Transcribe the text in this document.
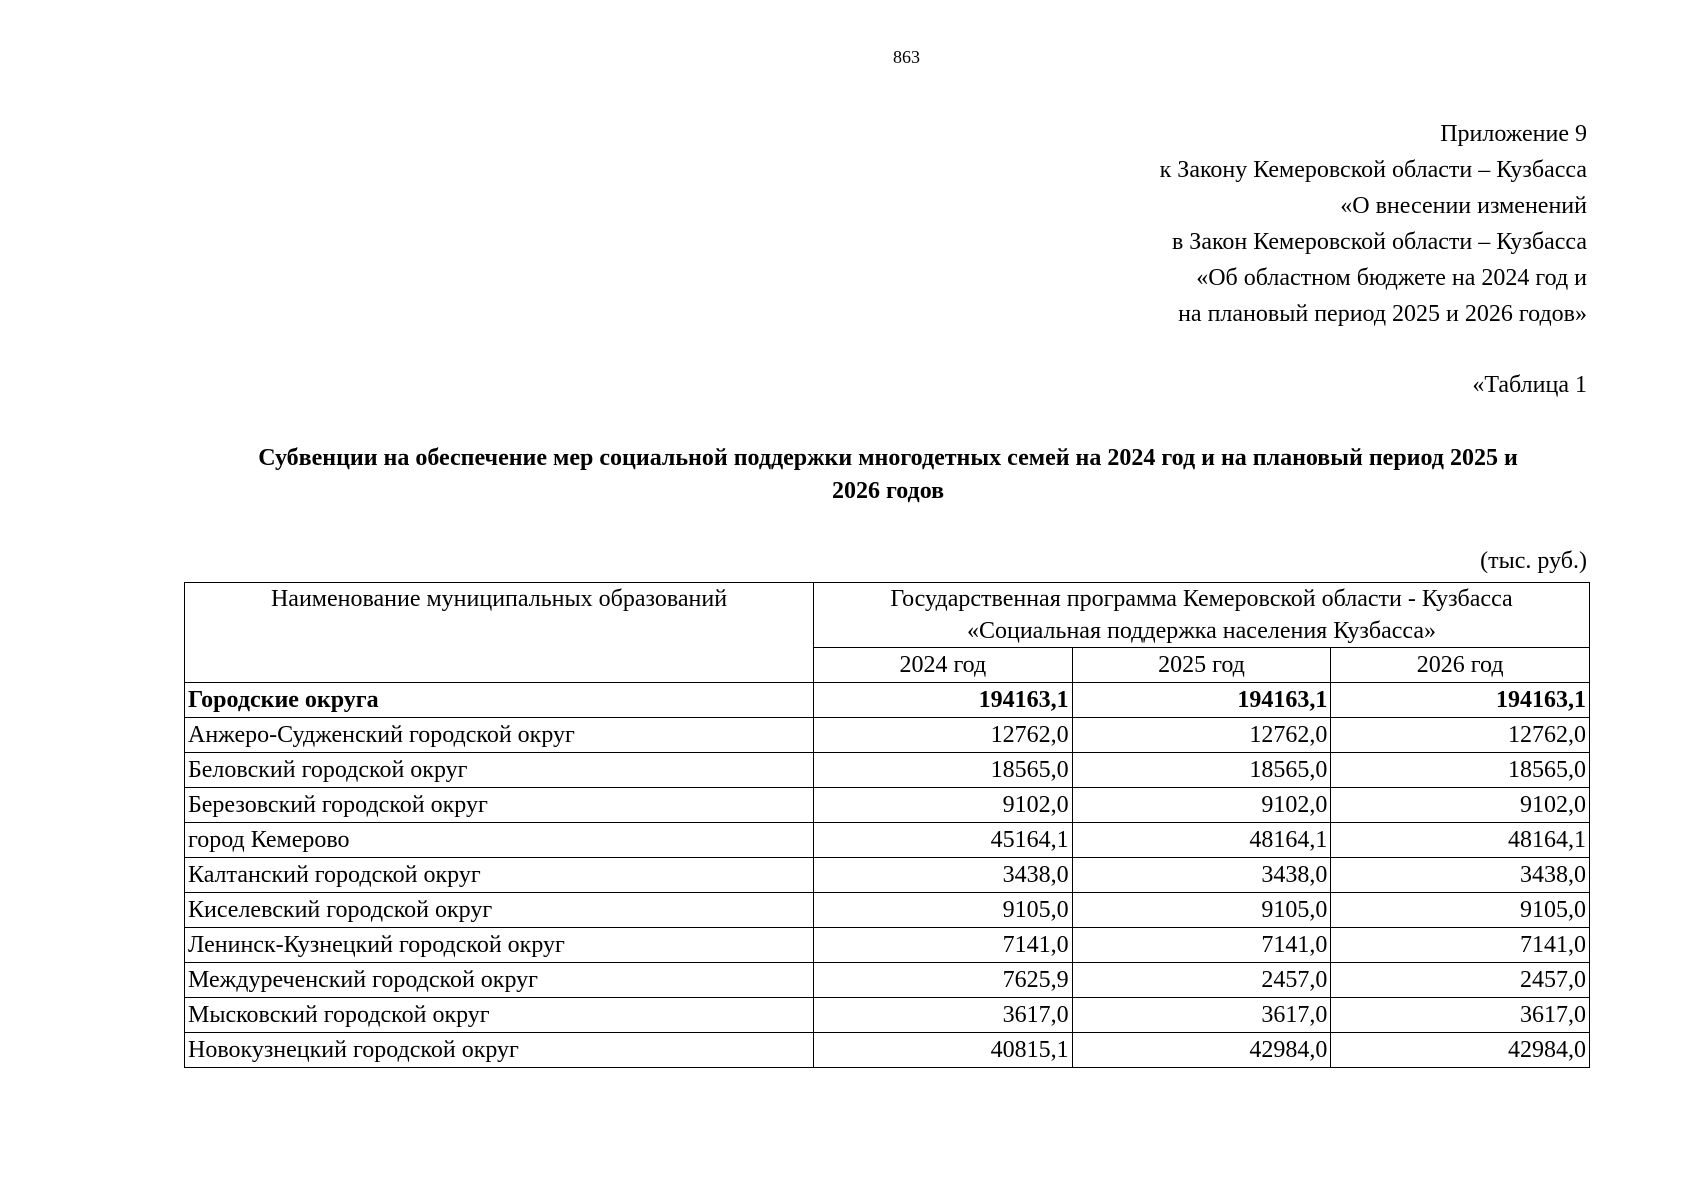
863
Приложение 9
к Закону Кемеровской области – Кузбасса
«О внесении изменений
в Закон Кемеровской области – Кузбасса
«Об областном бюджете на 2024 год и
на плановый период 2025 и 2026 годов»
«Таблица 1
Субвенции на обеспечение мер социальной поддержки многодетных семей на 2024 год и на плановый период 2025 и
2026 годов
(тыс. руб.)
Наименование муниципальных образований	Государственная программа Кемеровской области - Кузбасса
«Социальная поддержка населения Кузбасса»		

	2024 год	2025 год	2026 год
Городские округа	194163,1	194163,1	194163,1
Анжеро-Судженский городской округ	12762,0	12762,0	12762,0
Беловский городской округ	18565,0	18565,0	18565,0
Березовский городской округ	9102,0	9102,0	9102,0
город Кемерово	45164,1	48164,1	48164,1
Калтанский городской округ	3438,0	3438,0	3438,0
Киселевский городской округ	9105,0	9105,0	9105,0
Ленинск-Кузнецкий городской округ	7141,0	7141,0	7141,0
Междуреченский городской округ	7625,9	2457,0	2457,0
Мысковский городской округ	3617,0	3617,0	3617,0
Новокузнецкий городской округ	40815,1	42984,0	42984,0
